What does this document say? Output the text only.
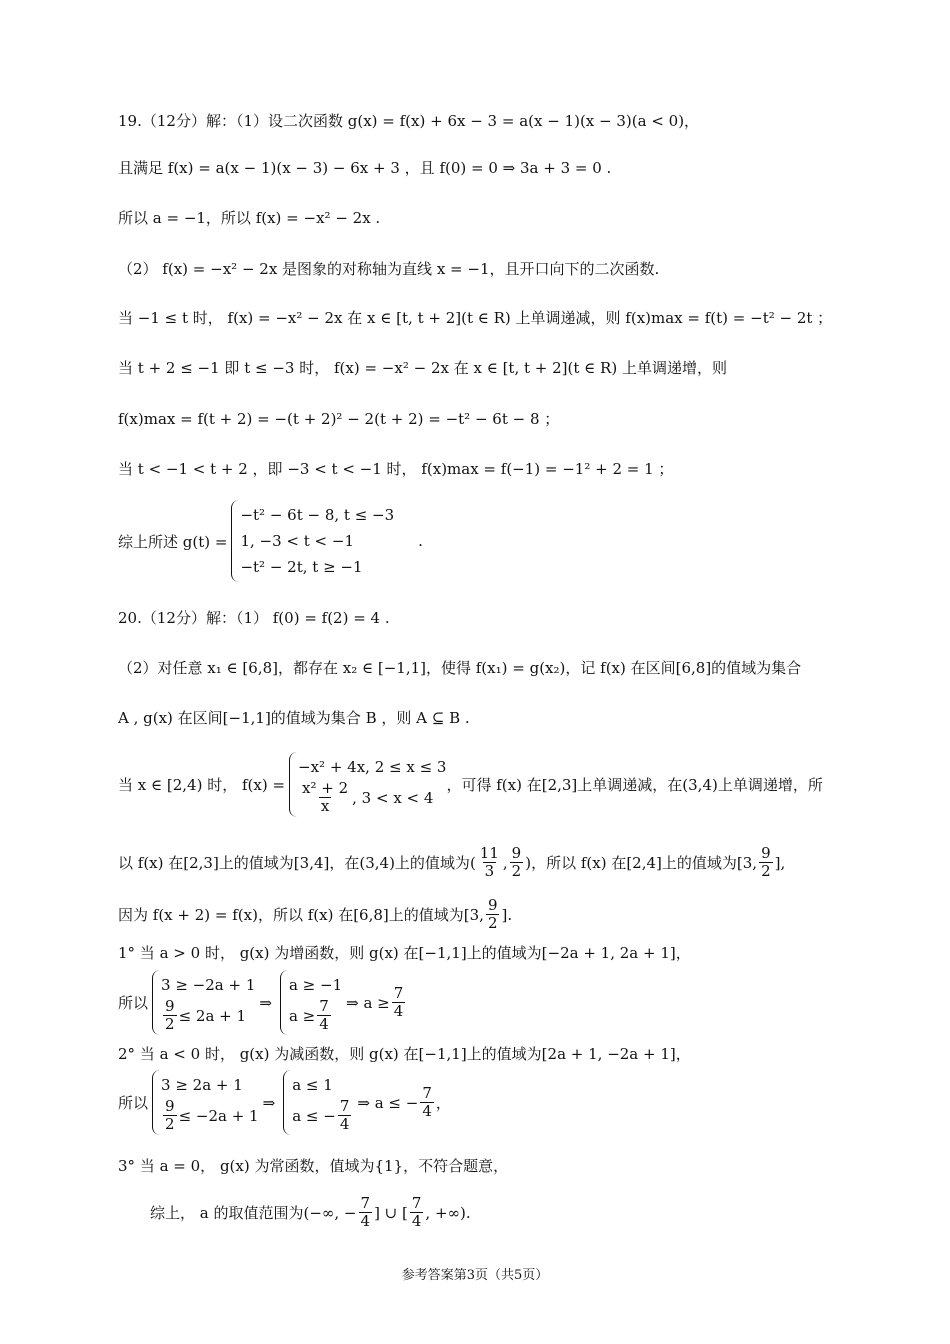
19.（12分）解：（1）设二次函数 g(x) = f(x) + 6x − 3 = a(x − 1)(x − 3)(a < 0)，
且满足 f(x) = a(x − 1)(x − 3) − 6x + 3 ，且 f(0) = 0 ⇒ 3a + 3 = 0 .
所以 a = −1，所以 f(x) = −x² − 2x .
（2） f(x) = −x² − 2x 是图象的对称轴为直线 x = −1，且开口向下的二次函数.
当 −1 ≤ t 时， f(x) = −x² − 2x 在 x ∈ [t, t + 2](t ∈ R) 上单调递减，则 f(x)max = f(t) = −t² − 2t ；
当 t + 2 ≤ −1 即 t ≤ −3 时， f(x) = −x² − 2x 在 x ∈ [t, t + 2](t ∈ R) 上单调递增，则
f(x)max = f(t + 2) = −(t + 2)² − 2(t + 2) = −t² − 6t − 8 ；
当 t < −1 < t + 2 ，即 −3 < t < −1 时， f(x)max = f(−1) = −1² + 2 = 1 ；
综上所述 g(t) =
−t² − 6t − 8, t ≤ −3
1, −3 < t < −1
−t² − 2t, t ≥ −1
.
20.（12分）解：（1） f(0) = f(2) = 4 .
（2）对任意 x₁ ∈ [6,8]，都存在 x₂ ∈ [−1,1]，使得 f(x₁) = g(x₂)，记 f(x) 在区间[6,8]的值域为集合
A , g(x) 在区间[−1,1]的值域为集合 B ，则 A ⊆ B .
当 x ∈ [2,4) 时， f(x) =
−x² + 4x, 2 ≤ x ≤ 3
$\frac{\text{x² + 2}}{x}$ , 3 < x < 4
，可得 f(x) 在[2,3]上单调递减，在(3,4)上单调递增，所
以 f(x) 在[2,3]上的值域为[3,4]，在(3,4)上的值域为 ( $\frac{11}{3}$ , $\frac{9}{2}$ ) ，所以 f(x) 在[2,4]上的值域为 [3, $\frac{9}{2}$ ],
因为 f(x + 2) = f(x)，所以 f(x) 在[6,8]上的值域为 [3, $\frac{9}{2}$ ].
1° 当 a > 0 时， g(x) 为增函数，则 g(x) 在[−1,1]上的值域为[−2a + 1, 2a + 1]，
所以
3 ≥ −2a + 1
$\frac{9}{2} \le 2a + 1$
⇒
a ≥ −1
$a \ge \frac{7}{4}$ ⇒ $a \ge \frac{7}{4}$
2° 当 a < 0 时， g(x) 为减函数，则 g(x) 在[−1,1]上的值域为[2a + 1, −2a + 1]，
所以
3 ≥ 2a + 1
$\frac{9}{2} \le -2a + 1$
⇒
a ≤ 1
a ≤ − $\frac{7}{4}$ ⇒ a ≤ − $\frac{7}{4}$ ，
3° 当 a = 0， g(x) 为常函数，值域为{1}，不符合题意，
综上， a 的取值范围为 (−∞, − $\frac{7}{4}$ ] ∪ [ $\frac{7}{4}$ , +∞).
参考答案第3页（共5页）
